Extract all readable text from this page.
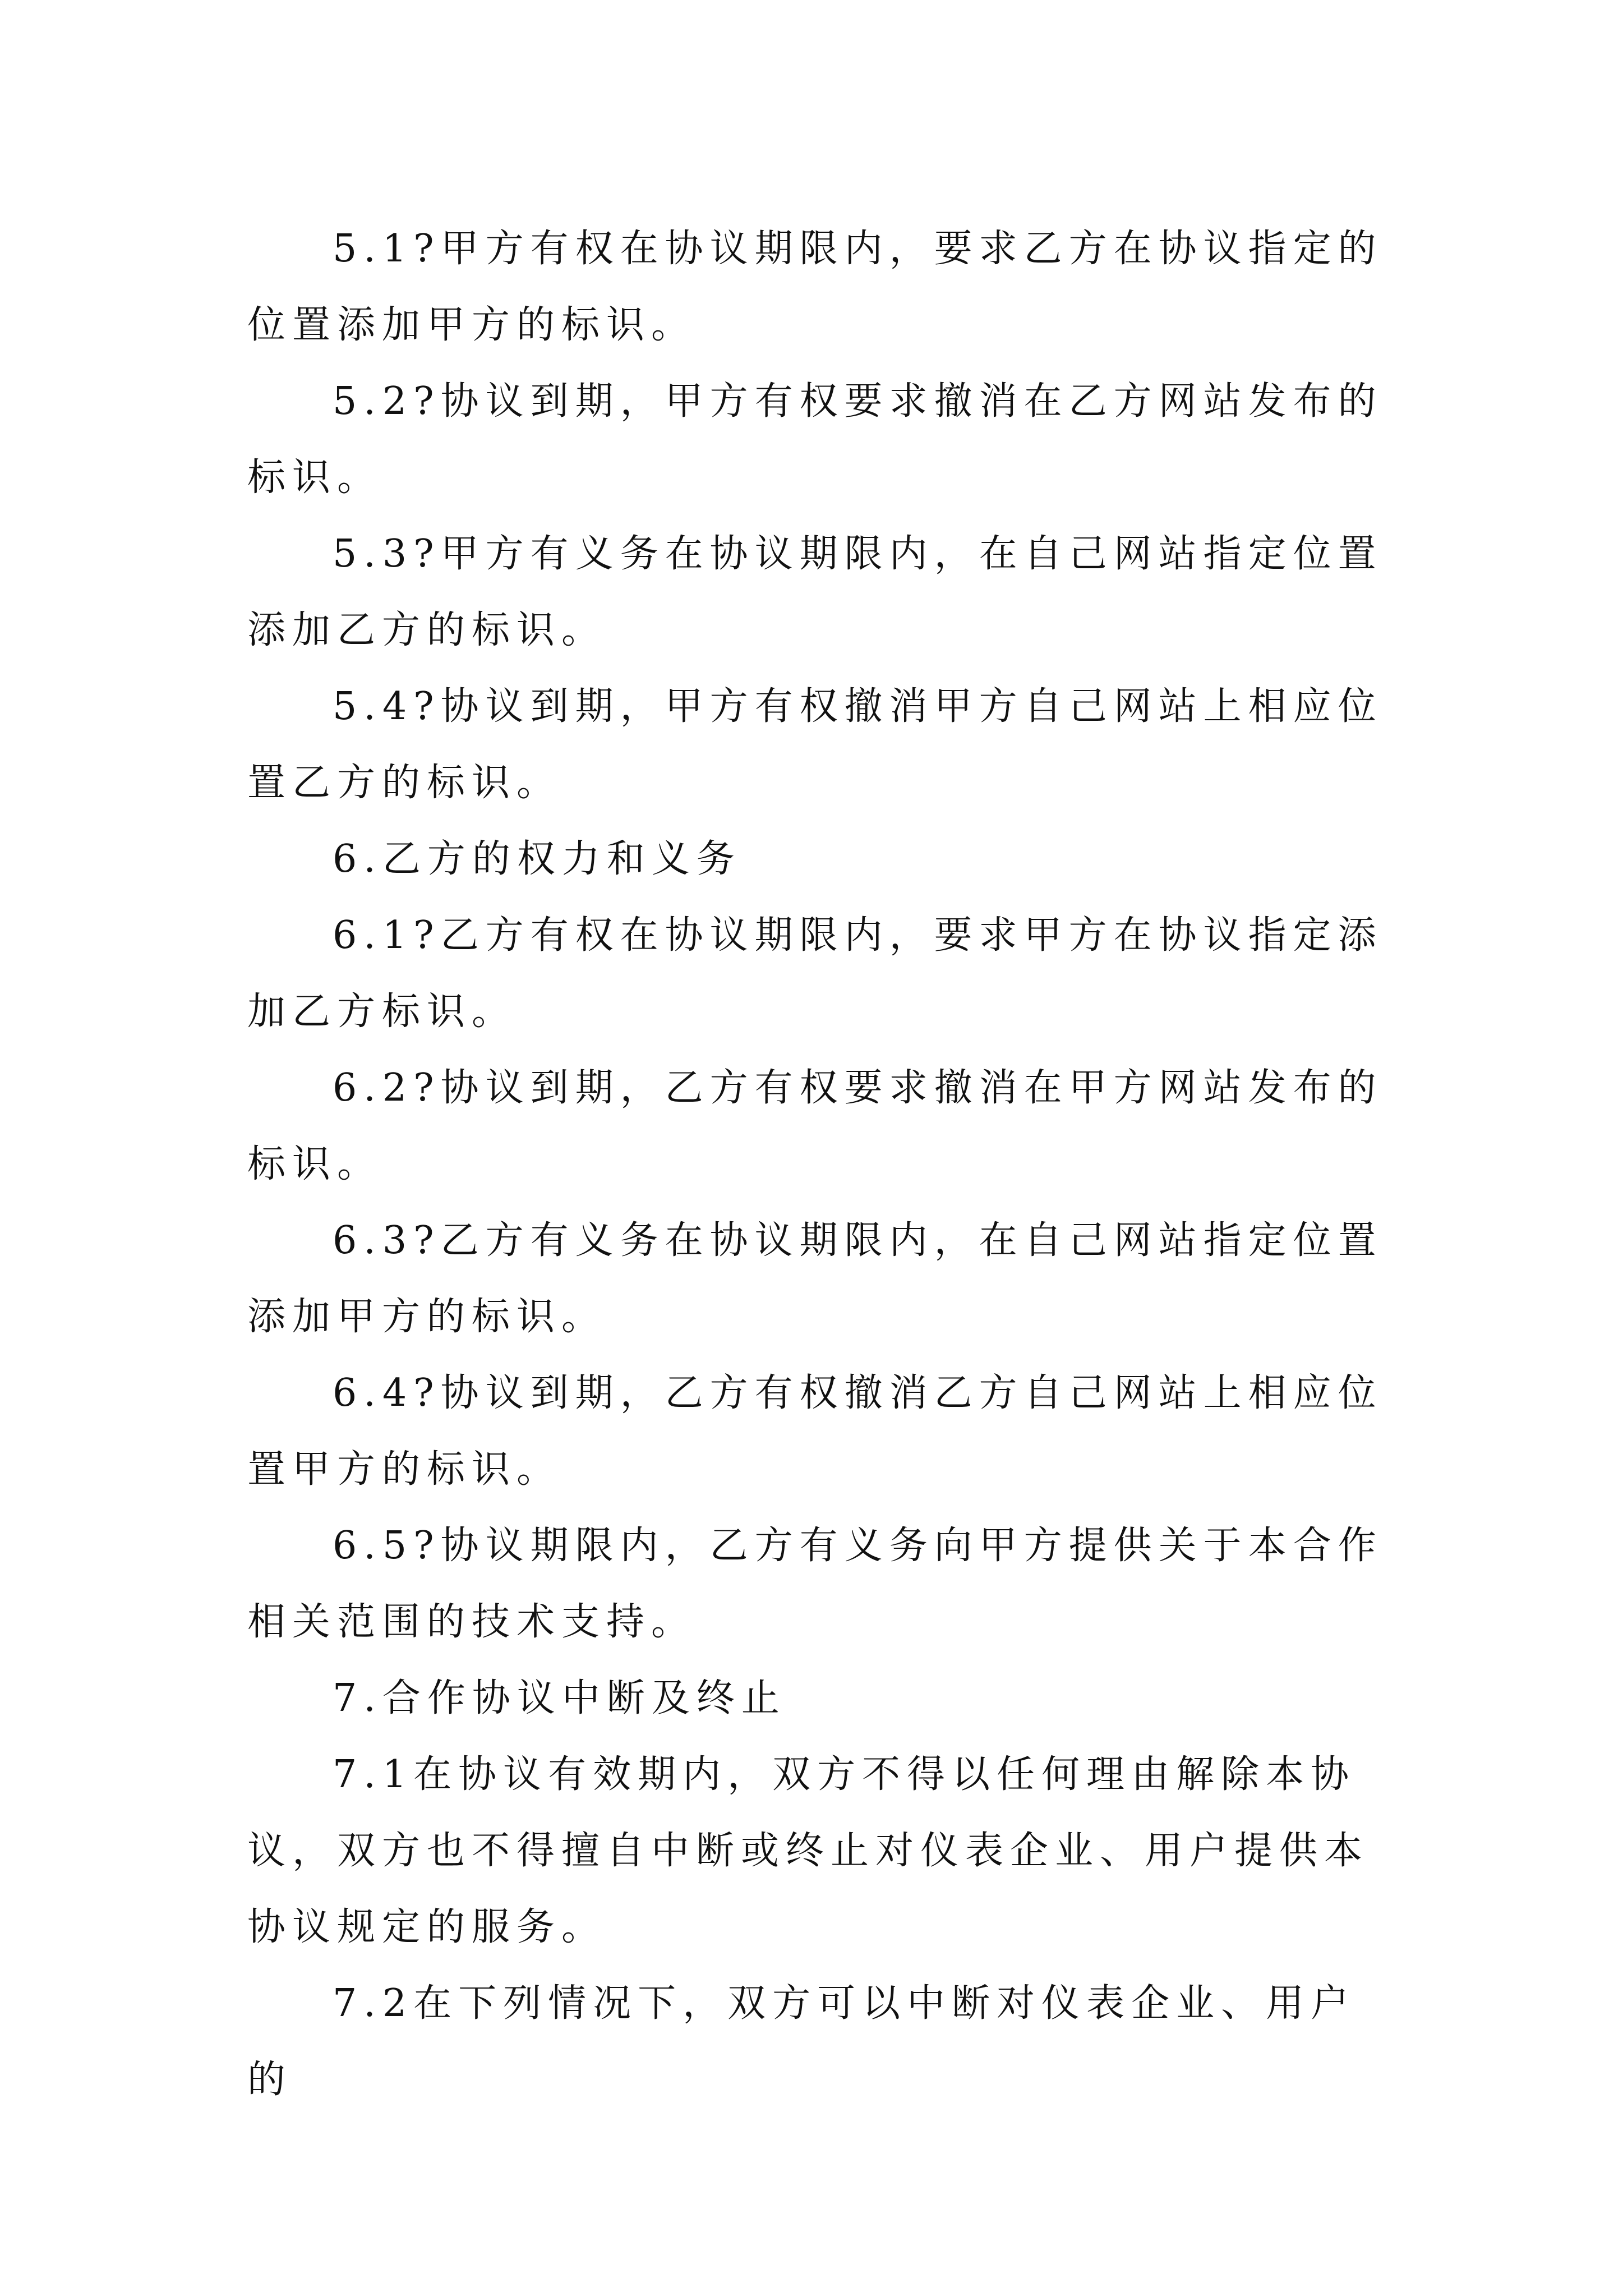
5.1?甲方有权在协议期限内，要求乙方在协议指定的位置添加甲方的标识。

5.2?协议到期，甲方有权要求撤消在乙方网站发布的标识。

5.3?甲方有义务在协议期限内，在自己网站指定位置添加乙方的标识。

5.4?协议到期，甲方有权撤消甲方自己网站上相应位置乙方的标识。

6.乙方的权力和义务

6.1?乙方有权在协议期限内，要求甲方在协议指定添加乙方标识。

6.2?协议到期，乙方有权要求撤消在甲方网站发布的标识。

6.3?乙方有义务在协议期限内，在自己网站指定位置添加甲方的标识。

6.4?协议到期，乙方有权撤消乙方自己网站上相应位置甲方的标识。

6.5?协议期限内，乙方有义务向甲方提供关于本合作相关范围的技术支持。

7.合作协议中断及终止

7.1在协议有效期内，双方不得以任何理由解除本协议，双方也不得擅自中断或终止对仪表企业、用户提供本协议规定的服务。

7.2在下列情况下，双方可以中断对仪表企业、用户的
